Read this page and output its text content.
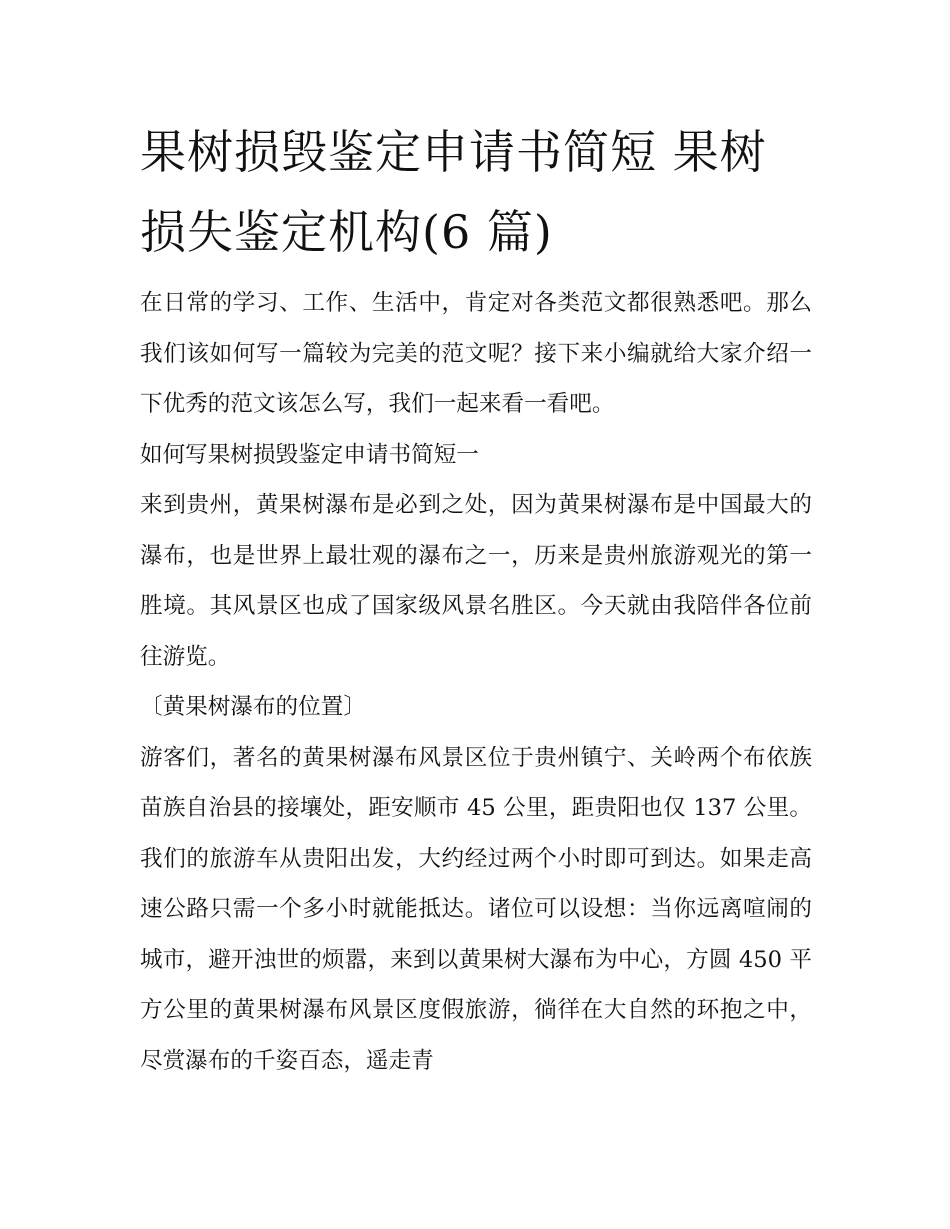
果树损毁鉴定申请书简短 果树损失鉴定机构(6 篇)

在日常的学习、工作、生活中，肯定对各类范文都很熟悉吧。那么我们该如何写一篇较为完美的范文呢？接下来小编就给大家介绍一下优秀的范文该怎么写，我们一起来看一看吧。

如何写果树损毁鉴定申请书简短一

来到贵州，黄果树瀑布是必到之处，因为黄果树瀑布是中国最大的瀑布，也是世界上最壮观的瀑布之一，历来是贵州旅游观光的第一胜境。其风景区也成了国家级风景名胜区。今天就由我陪伴各位前往游览。

〔黄果树瀑布的位置〕

游客们，著名的黄果树瀑布风景区位于贵州镇宁、关岭两个布依族苗族自治县的接壤处，距安顺市 45 公里，距贵阳也仅 137 公里。我们的旅游车从贵阳出发，大约经过两个小时即可到达。如果走高速公路只需一个多小时就能抵达。诸位可以设想：当你远离喧闹的城市，避开浊世的烦嚣，来到以黄果树大瀑布为中心，方圆 450 平方公里的黄果树瀑布风景区度假旅游，徜徉在大自然的环抱之中，尽赏瀑布的千姿百态，遥走青
